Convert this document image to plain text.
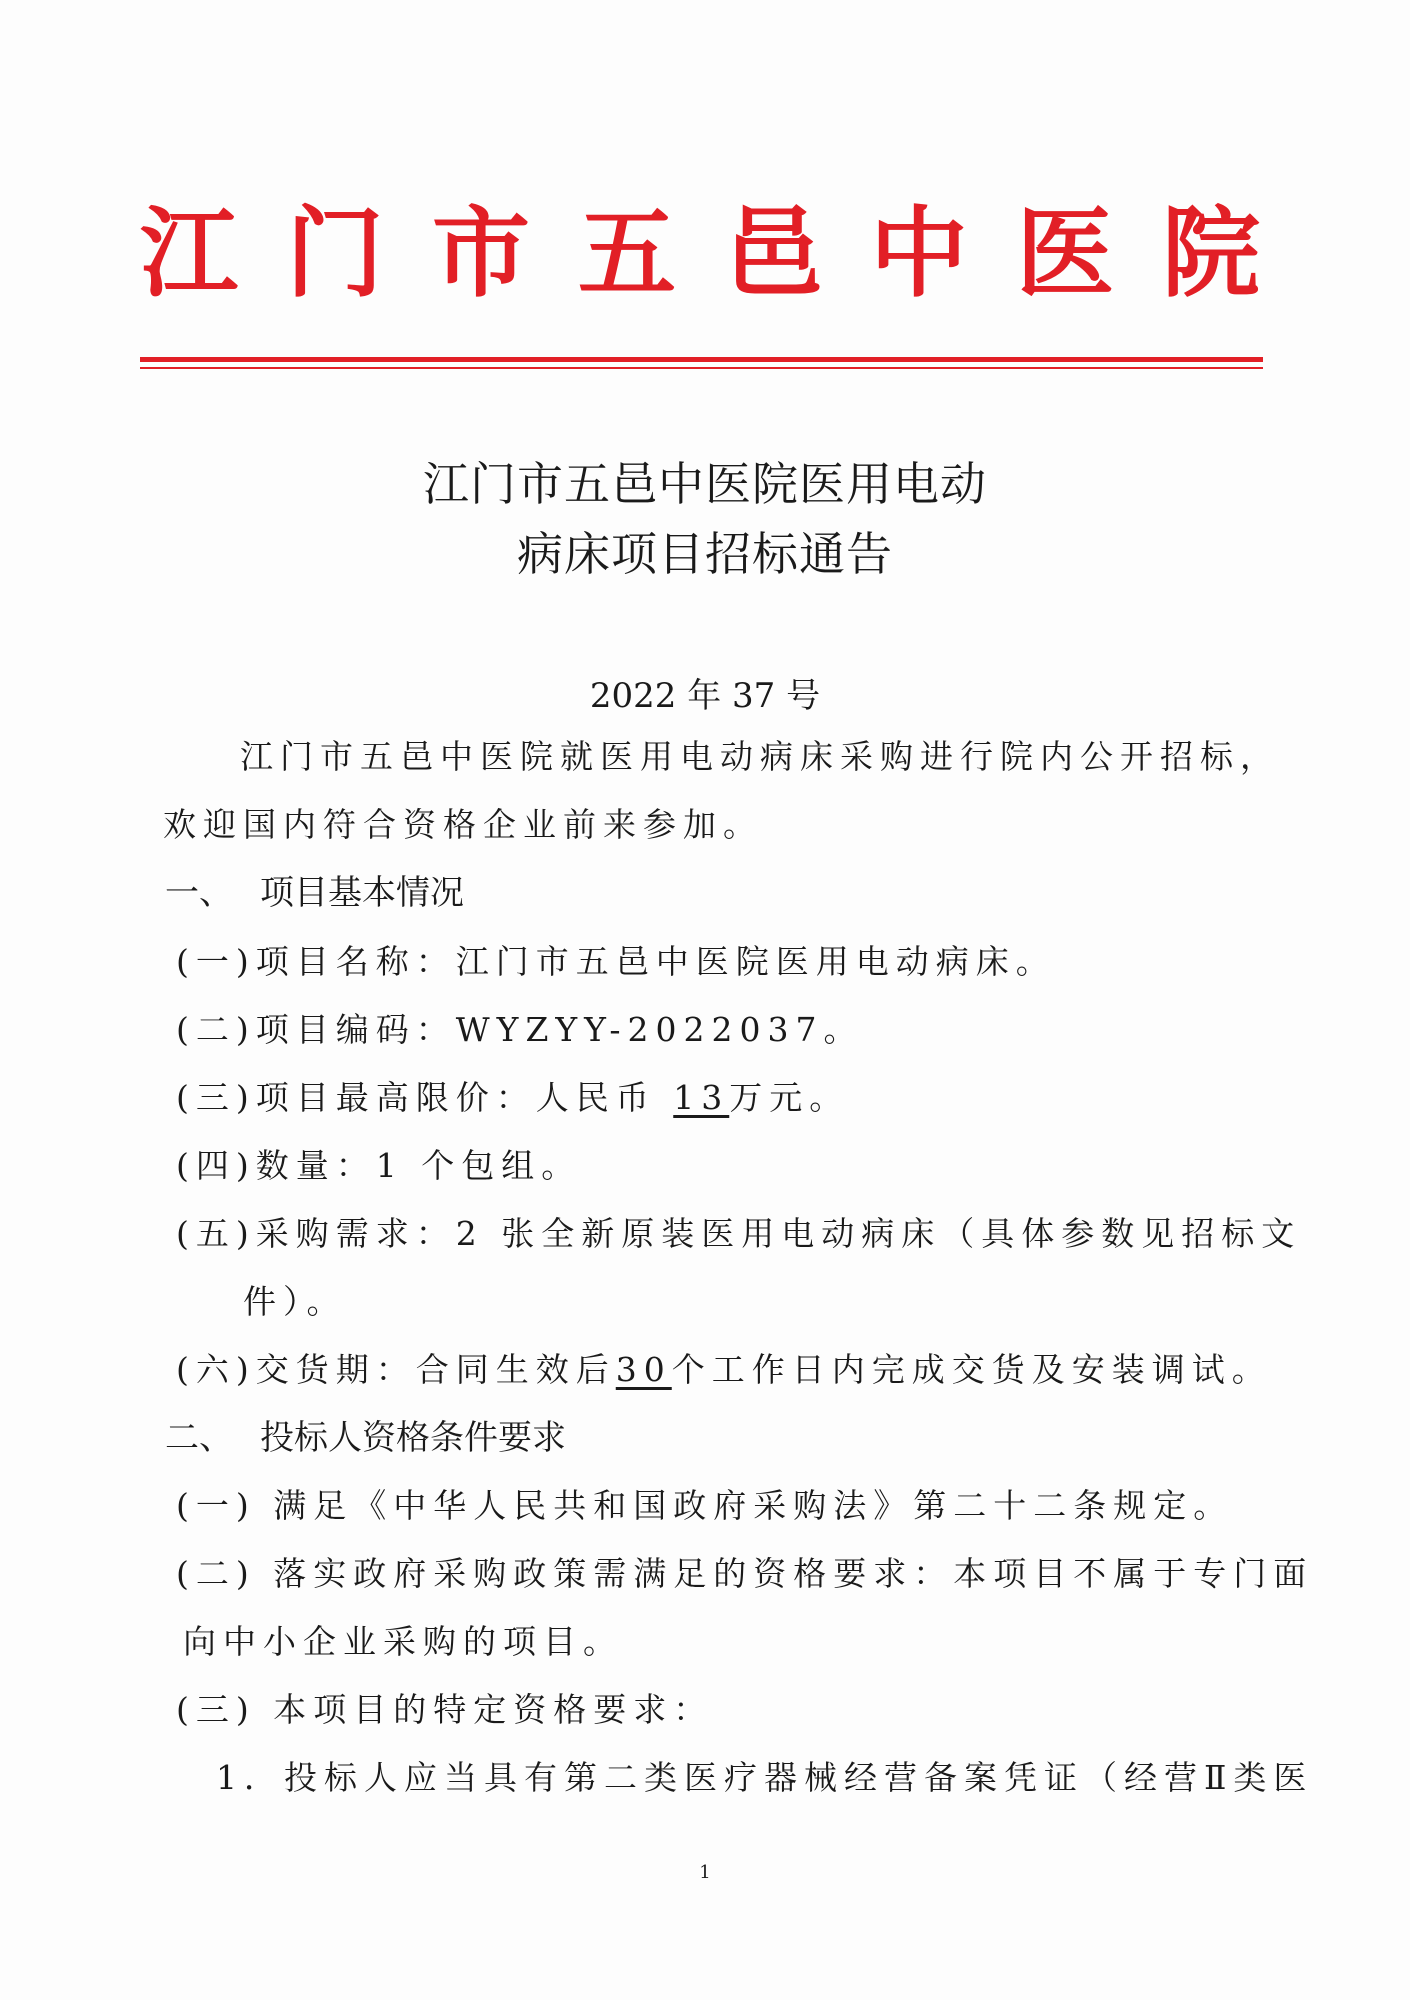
江 门 市 五 邑 中 医 院
江门市五邑中医院医用电动
病床项目招标通告
2022 年 37 号
江门市五邑中医院就医用电动病床采购进行院内公开招标，
欢迎国内符合资格企业前来参加。
一、 项目基本情况
(一)项目名称：江门市五邑中医院医用电动病床。
(二)项目编码：WYZYY-2022037。
(三)项目最高限价：人民币 13万元。
(四)数量：1 个包组。
(五)采购需求：2 张全新原装医用电动病床（具体参数见招标文
件）。
(六)交货期：合同生效后30个工作日内完成交货及安装调试。
二、 投标人资格条件要求
(一) 满足《中华人民共和国政府采购法》第二十二条规定。
(二) 落实政府采购政策需满足的资格要求：本项目不属于专门面
向中小企业采购的项目。
(三) 本项目的特定资格要求：
1．投标人应当具有第二类医疗器械经营备案凭证（经营Ⅱ类医
1
